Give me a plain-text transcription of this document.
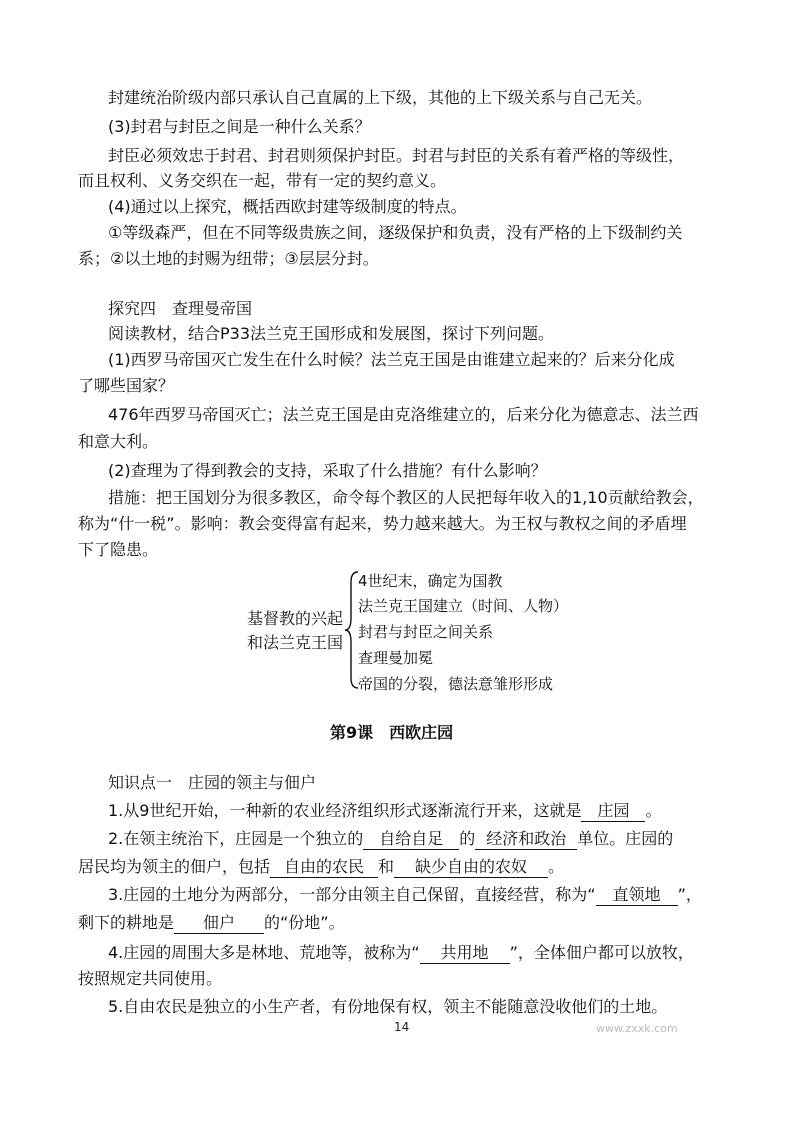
封建统治阶级内部只承认自己直属的上下级，其他的上下级关系与自己无关。
(3)封君与封臣之间是一种什么关系？
封臣必须效忠于封君、封君则须保护封臣。封君与封臣的关系有着严格的等级性，
而且权利、义务交织在一起，带有一定的契约意义。
(4)通过以上探究，概括西欧封建等级制度的特点。
①等级森严，但在不同等级贵族之间，逐级保护和负责，没有严格的上下级制约关
系；②以土地的封赐为纽带；③层层分封。
探究四　查理曼帝国
阅读教材，结合P33法兰克王国形成和发展图，探讨下列问题。
(1)西罗马帝国灭亡发生在什么时候？法兰克王国是由谁建立起来的？后来分化成
了哪些国家？
476年西罗马帝国灭亡；法兰克王国是由克洛维建立的，后来分化为德意志、法兰西
和意大利。
(2)查理为了得到教会的支持，采取了什么措施？有什么影响？
措施：把王国划分为很多教区，命令每个教区的人民把每年收入的1,10贡献给教会，
称为“什一税”。影响：教会变得富有起来，势力越来越大。为王权与教权之间的矛盾埋
下了隐患。
基督教的兴起
和法兰克王国
4世纪末，确定为国教
法兰克王国建立（时间、人物）
封君与封臣之间关系
查理曼加冕
帝国的分裂，德法意雏形形成
第9课　西欧庄园
知识点一　庄园的领主与佃户
1.从9世纪开始，一种新的农业经济组织形式逐渐流行开来，这就是 庄园 。
2.在领主统治下，庄园是一个独立的 自给自足 的 经济和政治 单位。庄园的
居民均为领主的佃户，包括 自由的农民 和 缺少自由的农奴 。
3.庄园的土地分为两部分，一部分由领主自己保留，直接经营，称为“ 直领地 ”，
剩下的耕地是 佃户 的“份地”。
4.庄园的周围大多是林地、荒地等，被称为“ 共用地 ”，全体佃户都可以放牧，
按照规定共同使用。
5.自由农民是独立的小生产者，有份地保有权，领主不能随意没收他们的土地。
14	www.zxxk.com
